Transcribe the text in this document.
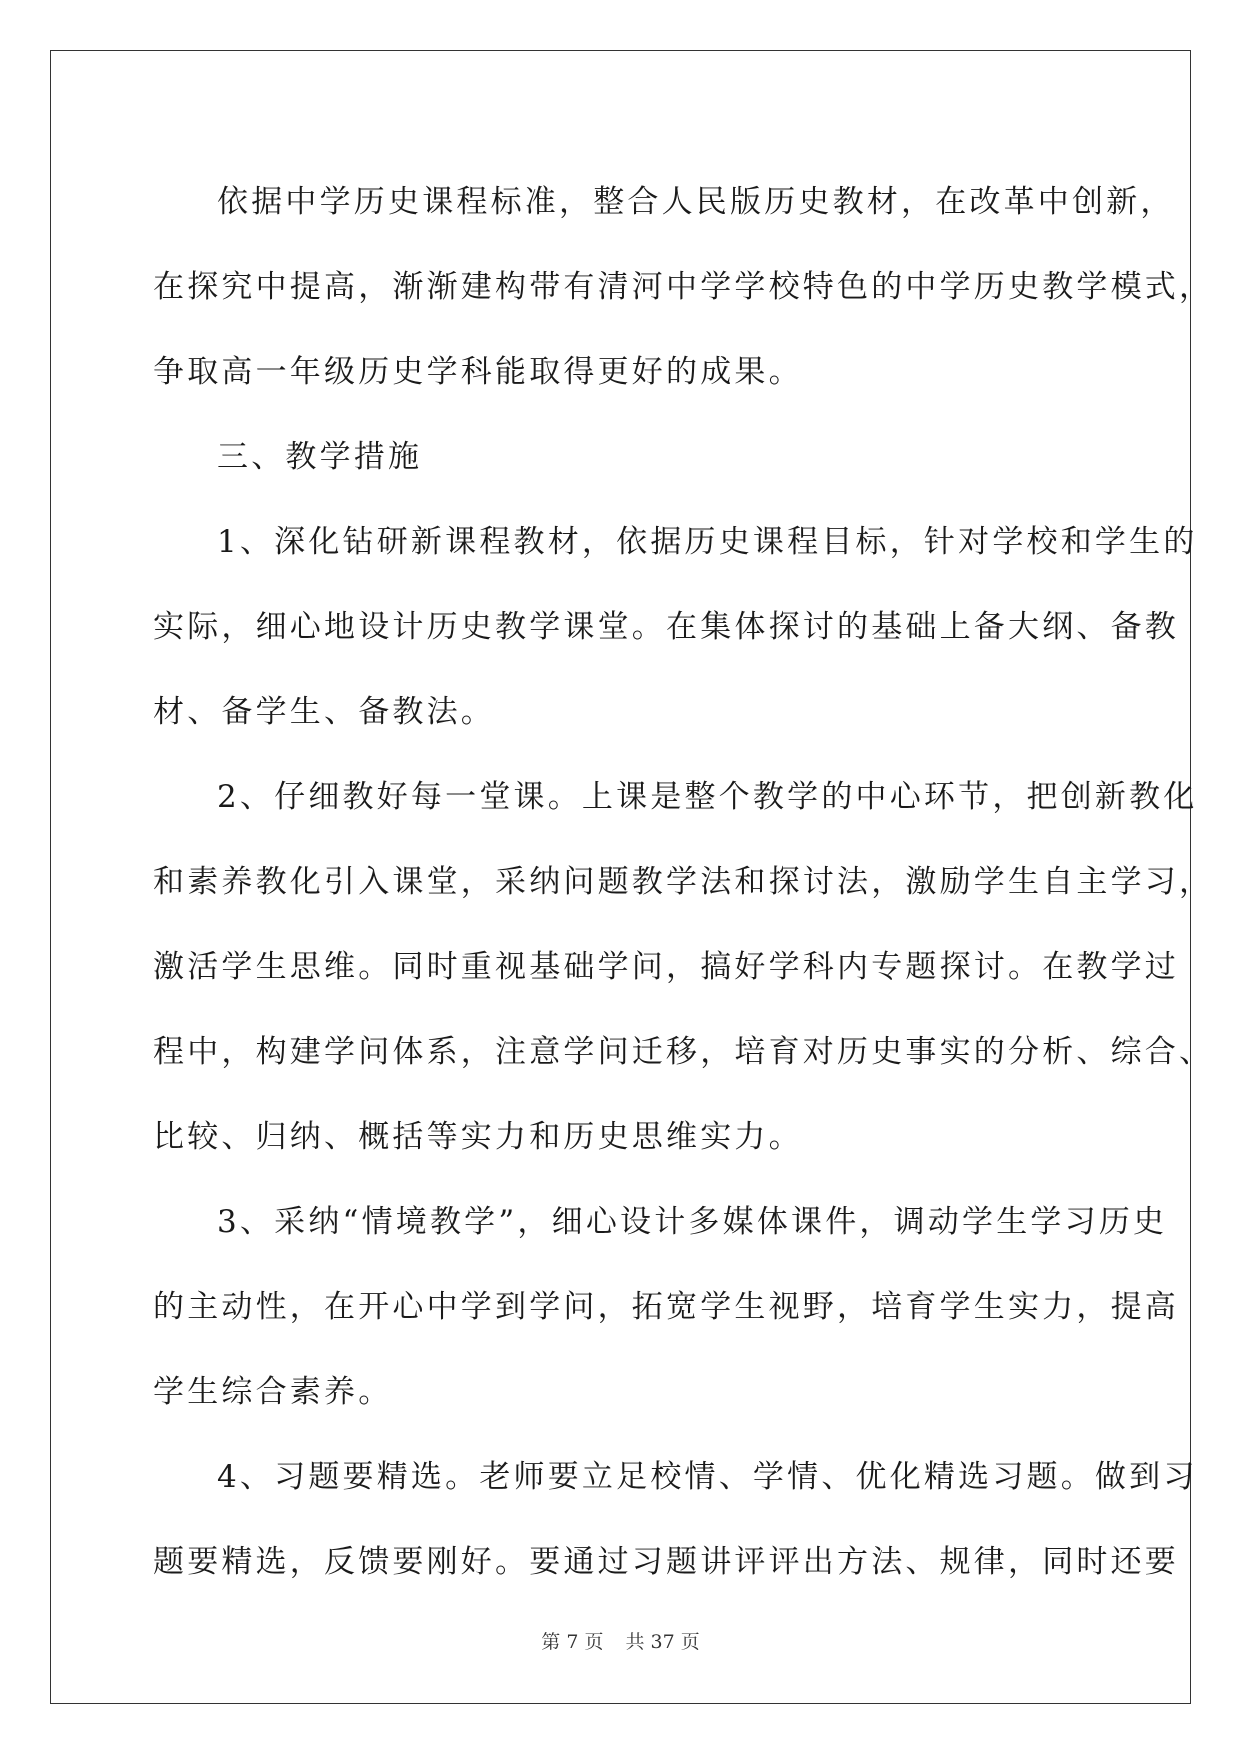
依据中学历史课程标准，整合人民版历史教材，在改革中创新，
在探究中提高，渐渐建构带有清河中学学校特色的中学历史教学模式，
争取高一年级历史学科能取得更好的成果。
三、教学措施
1、深化钻研新课程教材，依据历史课程目标，针对学校和学生的
实际，细心地设计历史教学课堂。在集体探讨的基础上备大纲、备教
材、备学生、备教法。
2、仔细教好每一堂课。上课是整个教学的中心环节，把创新教化
和素养教化引入课堂，采纳问题教学法和探讨法，激励学生自主学习，
激活学生思维。同时重视基础学问，搞好学科内专题探讨。在教学过
程中，构建学问体系，注意学问迁移，培育对历史事实的分析、综合、
比较、归纳、概括等实力和历史思维实力。
3、采纳“情境教学”，细心设计多媒体课件，调动学生学习历史
的主动性，在开心中学到学问，拓宽学生视野，培育学生实力，提高
学生综合素养。
4、习题要精选。老师要立足校情、学情、优化精选习题。做到习
题要精选，反馈要刚好。要通过习题讲评评出方法、规律，同时还要
第 7 页 共 37 页
